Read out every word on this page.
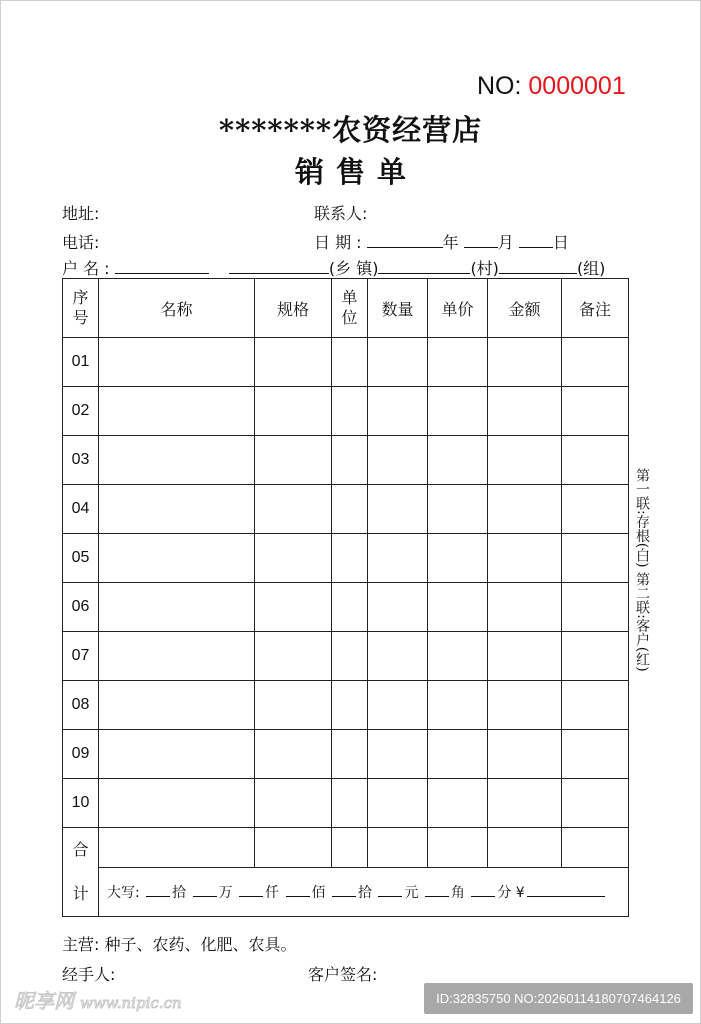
NO: 0000001
*******农资经营店
销售单
地址:	联系人:
电话:	日 期 :	年 月 日
户 名 :	(乡 镇)	(村)	(组)
序号	名称	规格	单位	数量	单价	金额	备注
01							
02							
03							
04							
05							
06							
07							
08							
09							
10							

合
计							

	大写: 拾 万 仟 佰 拾 元 角 分 ¥						
第一联:存根(白) 第二联:客户(红)
主营: 种子、农药、化肥、农具。
经手人:	客户签名:
昵享网 www.nipic.cn	ID:32835750 NO:20260114180707464126
